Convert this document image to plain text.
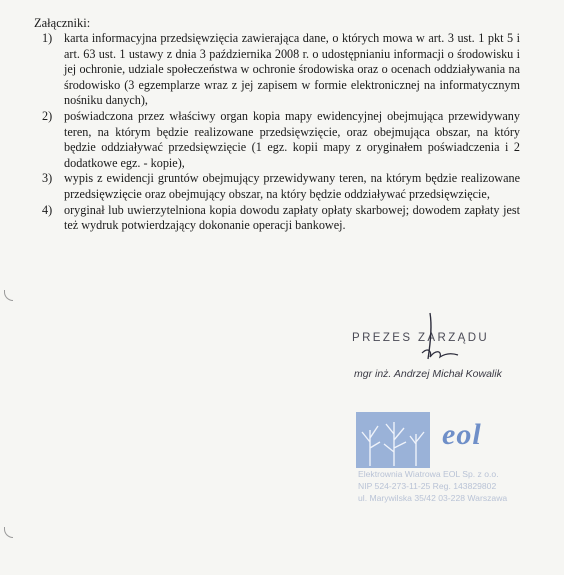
Załączniki:
1) karta informacyjna przedsięwzięcia zawierająca dane, o których mowa w art. 3 ust. 1 pkt 5 i art. 63 ust. 1 ustawy z dnia 3 października 2008 r. o udostępnianiu informacji o środowisku i jej ochronie, udziale społeczeństwa w ochronie środowiska oraz o ocenach oddziaływania na środowisko (3 egzemplarze wraz z jej zapisem w formie elektronicznej na informatycznym nośniku danych),
2) poświadczona przez właściwy organ kopia mapy ewidencyjnej obejmująca przewidywany teren, na którym będzie realizowane przedsięwzięcie, oraz obejmująca obszar, na który będzie oddziaływać przedsięwzięcie (1 egz. kopii mapy z oryginałem poświadczenia i 2 dodatkowe egz. - kopie),
3) wypis z ewidencji gruntów obejmujący przewidywany teren, na którym będzie realizowane przedsięwzięcie oraz obejmujący obszar, na który będzie oddziaływać przedsięwzięcie,
4) oryginał lub uwierzytelniona kopia dowodu zapłaty opłaty skarbowej; dowodem zapłaty jest też wydruk potwierdzający dokonanie operacji bankowej.
PREZES ZARZĄDU
mgr inż. Andrzej Michał Kowalik
eol
Elektrownia Wiatrowa EOL Sp. z o.o.
NIP 524-273-11-25 Reg. 143829802
ul. Marywilska 35/42 03-228 Warszawa
